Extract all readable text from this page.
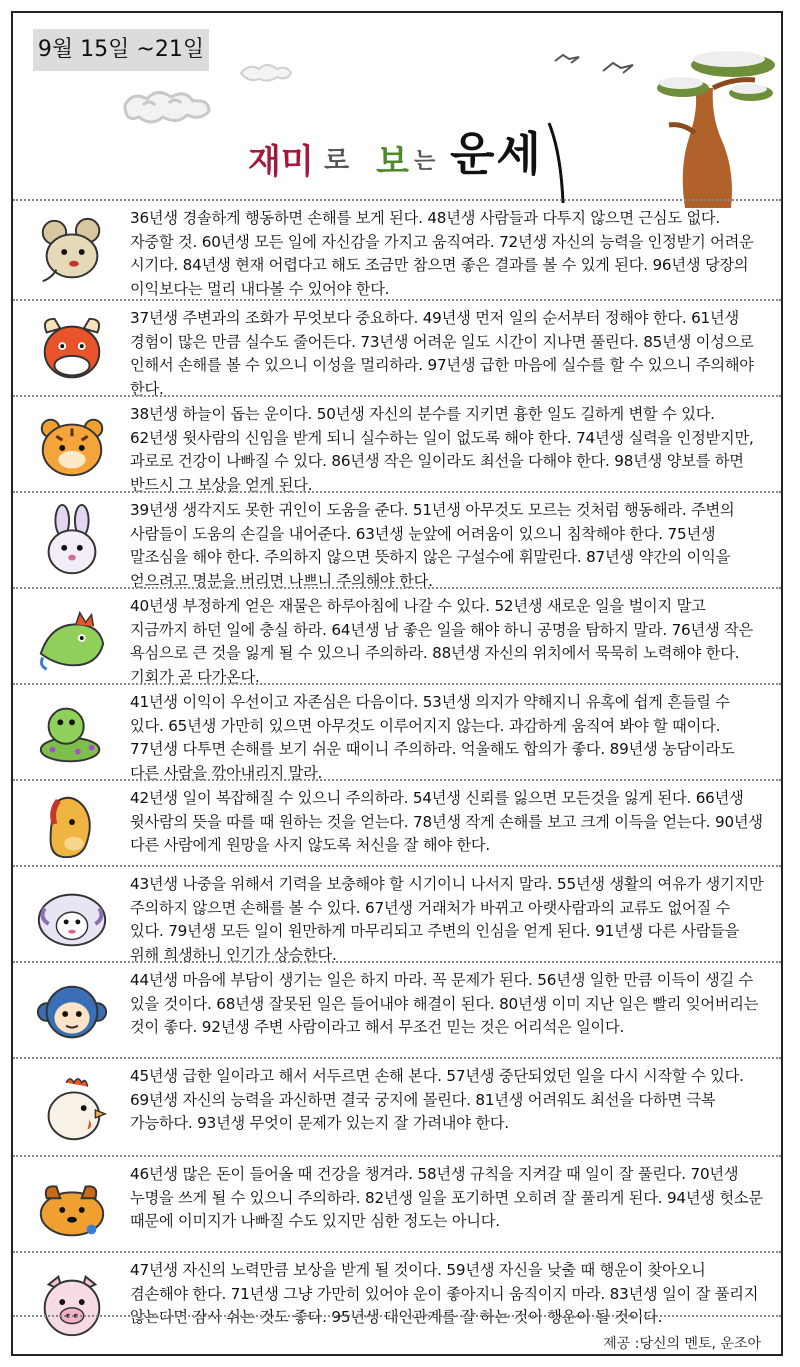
9월 15일 ~21일
재미 로 보 는 운세
36년생 경솔하게 행동하면 손해를 보게 된다. 48년생 사람들과 다투지 않으면 근심도 없다. 자중할 것. 60년생 모든 일에 자신감을 가지고 움직여라. 72년생 자신의 능력을 인정받기 어려운 시기다. 84년생 현재 어렵다고 해도 조금만 참으면 좋은 결과를 볼 수 있게 된다. 96년생 당장의 이익보다는 멀리 내다볼 수 있어야 한다.
37년생 주변과의 조화가 무엇보다 중요하다. 49년생 먼저 일의 순서부터 정해야 한다. 61년생 경험이 많은 만큼 실수도 줄어든다. 73년생 어려운 일도 시간이 지나면 풀린다. 85년생 이성으로 인해서 손해를 볼 수 있으니 이성을 멀리하라. 97년생 급한 마음에 실수를 할 수 있으니 주의해야 한다.
38년생 하늘이 돕는 운이다. 50년생 자신의 분수를 지키면 흉한 일도 길하게 변할 수 있다. 62년생 윗사람의 신임을 받게 되니 실수하는 일이 없도록 해야 한다. 74년생 실력을 인정받지만, 과로로 건강이 나빠질 수 있다. 86년생 작은 일이라도 최선을 다해야 한다. 98년생 양보를 하면 반드시 그 보상을 얻게 된다.
39년생 생각지도 못한 귀인이 도움을 준다. 51년생 아무것도 모르는 것처럼 행동해라. 주변의 사람들이 도움의 손길을 내어준다. 63년생 눈앞에 어려움이 있으니 침착해야 한다. 75년생 말조심을 해야 한다. 주의하지 않으면 뜻하지 않은 구설수에 휘말린다. 87년생 약간의 이익을 얻으려고 명분을 버리면 나쁘니 주의해야 한다.
40년생 부정하게 얻은 재물은 하루아침에 나갈 수 있다. 52년생 새로운 일을 벌이지 말고 지금까지 하던 일에 충실 하라. 64년생 남 좋은 일을 해야 하니 공명을 탐하지 말라. 76년생 작은 욕심으로 큰 것을 잃게 될 수 있으니 주의하라. 88년생 자신의 위치에서 묵묵히 노력해야 한다. 기회가 곧 다가온다.
41년생 이익이 우선이고 자존심은 다음이다. 53년생 의지가 약해지니 유혹에 쉽게 흔들릴 수 있다. 65년생 가만히 있으면 아무것도 이루어지지 않는다. 과감하게 움직여 봐야 할 때이다. 77년생 다투면 손해를 보기 쉬운 때이니 주의하라. 억울해도 합의가 좋다. 89년생 농담이라도 다른 사람을 깎아내리지 말라.
42년생 일이 복잡해질 수 있으니 주의하라. 54년생 신뢰를 잃으면 모든것을 잃게 된다. 66년생 윗사람의 뜻을 따를 때 원하는 것을 얻는다. 78년생 작게 손해를 보고 크게 이득을 얻는다. 90년생 다른 사람에게 원망을 사지 않도록 처신을 잘 해야 한다.
43년생 나중을 위해서 기력을 보충해야 할 시기이니 나서지 말라. 55년생 생활의 여유가 생기지만 주의하지 않으면 손해를 볼 수 있다. 67년생 거래처가 바뀌고 아랫사람과의 교류도 없어질 수 있다. 79년생 모든 일이 원만하게 마무리되고 주변의 인심을 얻게 된다. 91년생 다른 사람들을 위해 희생하니 인기가 상승한다.
44년생 마음에 부담이 생기는 일은 하지 마라. 꼭 문제가 된다. 56년생 일한 만큼 이득이 생길 수 있을 것이다. 68년생 잘못된 일은 들어내야 해결이 된다. 80년생 이미 지난 일은 빨리 잊어버리는 것이 좋다. 92년생 주변 사람이라고 해서 무조건 믿는 것은 어리석은 일이다.
45년생 급한 일이라고 해서 서두르면 손해 본다. 57년생 중단되었던 일을 다시 시작할 수 있다. 69년생 자신의 능력을 과신하면 결국 궁지에 몰린다. 81년생 어려워도 최선을 다하면 극복 가능하다. 93년생 무엇이 문제가 있는지 잘 가려내야 한다.
46년생 많은 돈이 들어올 때 건강을 챙겨라. 58년생 규칙을 지켜갈 때 일이 잘 풀린다. 70년생 누명을 쓰게 될 수 있으니 주의하라. 82년생 일을 포기하면 오히려 잘 풀리게 된다. 94년생 헛소문 때문에 이미지가 나빠질 수도 있지만 심한 정도는 아니다.
47년생 자신의 노력만큼 보상을 받게 될 것이다. 59년생 자신을 낮출 때 행운이 찾아오니 겸손해야 한다. 71년생 그냥 가만히 있어야 운이 좋아지니 움직이지 마라. 83년생 일이 잘 풀리지 않는다면 잠시 쉬는 것도 좋다. 95년생 대인관계를 잘 하는 것이 행운이 될 것이다.
제공 :당신의 멘토, 운조아
